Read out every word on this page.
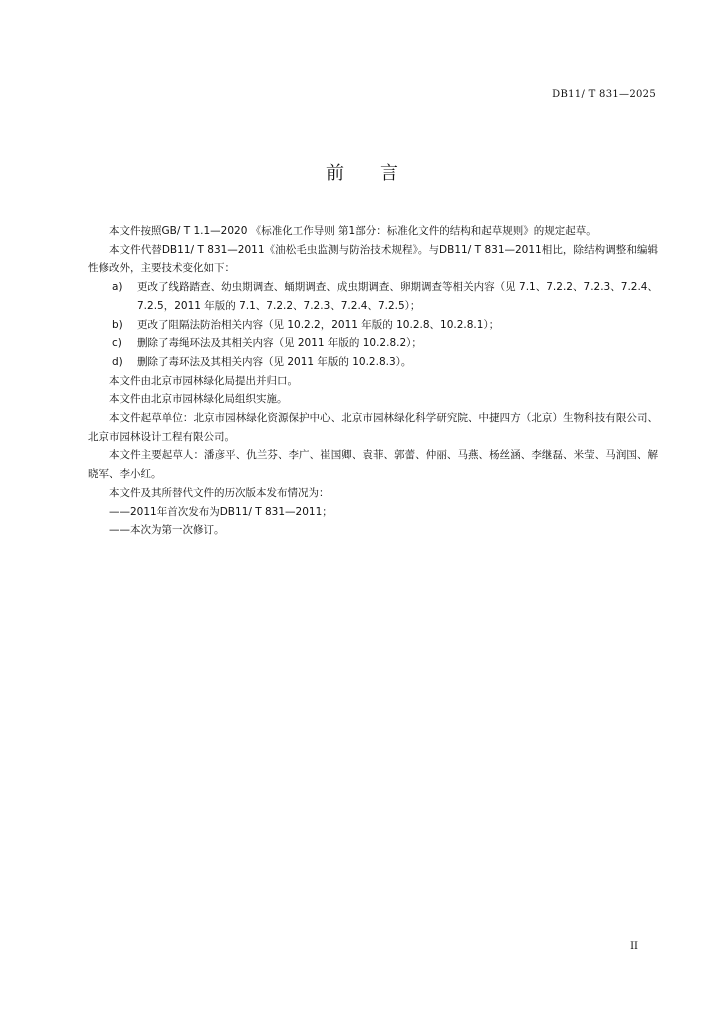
DB11/ T 831—2025
前言

本文件按照GB/ T 1.1—2020 《标准化工作导则 第1部分：标准化文件的结构和起草规则》的规定起草。

本文件代替DB11/ T 831—2011《油松毛虫监测与防治技术规程》。与DB11/ T 831—2011相比，除结构调整和编辑性修改外，主要技术变化如下：

a) 更改了线路踏查、幼虫期调查、蛹期调查、成虫期调查、卵期调查等相关内容（见 7.1、7.2.2、7.2.3、7.2.4、7.2.5，2011 年版的 7.1、7.2.2、7.2.3、7.2.4、7.2.5）；

b) 更改了阻隔法防治相关内容（见 10.2.2，2011 年版的 10.2.8、10.2.8.1）；

c) 删除了毒绳环法及其相关内容（见 2011 年版的 10.2.8.2）；

d) 删除了毒环法及其相关内容（见 2011 年版的 10.2.8.3）。

本文件由北京市园林绿化局提出并归口。

本文件由北京市园林绿化局组织实施。

本文件起草单位：北京市园林绿化资源保护中心、北京市园林绿化科学研究院、中捷四方（北京）生物科技有限公司、北京市园林设计工程有限公司。

本文件主要起草人：潘彦平、仇兰芬、李广、崔国卿、袁菲、郭蕾、仲丽、马燕、杨丝涵、李继磊、米莹、马润国、解晓军、李小红。

本文件及其所替代文件的历次版本发布情况为：

——2011年首次发布为DB11/ T 831—2011；

——本次为第一次修订。

II
